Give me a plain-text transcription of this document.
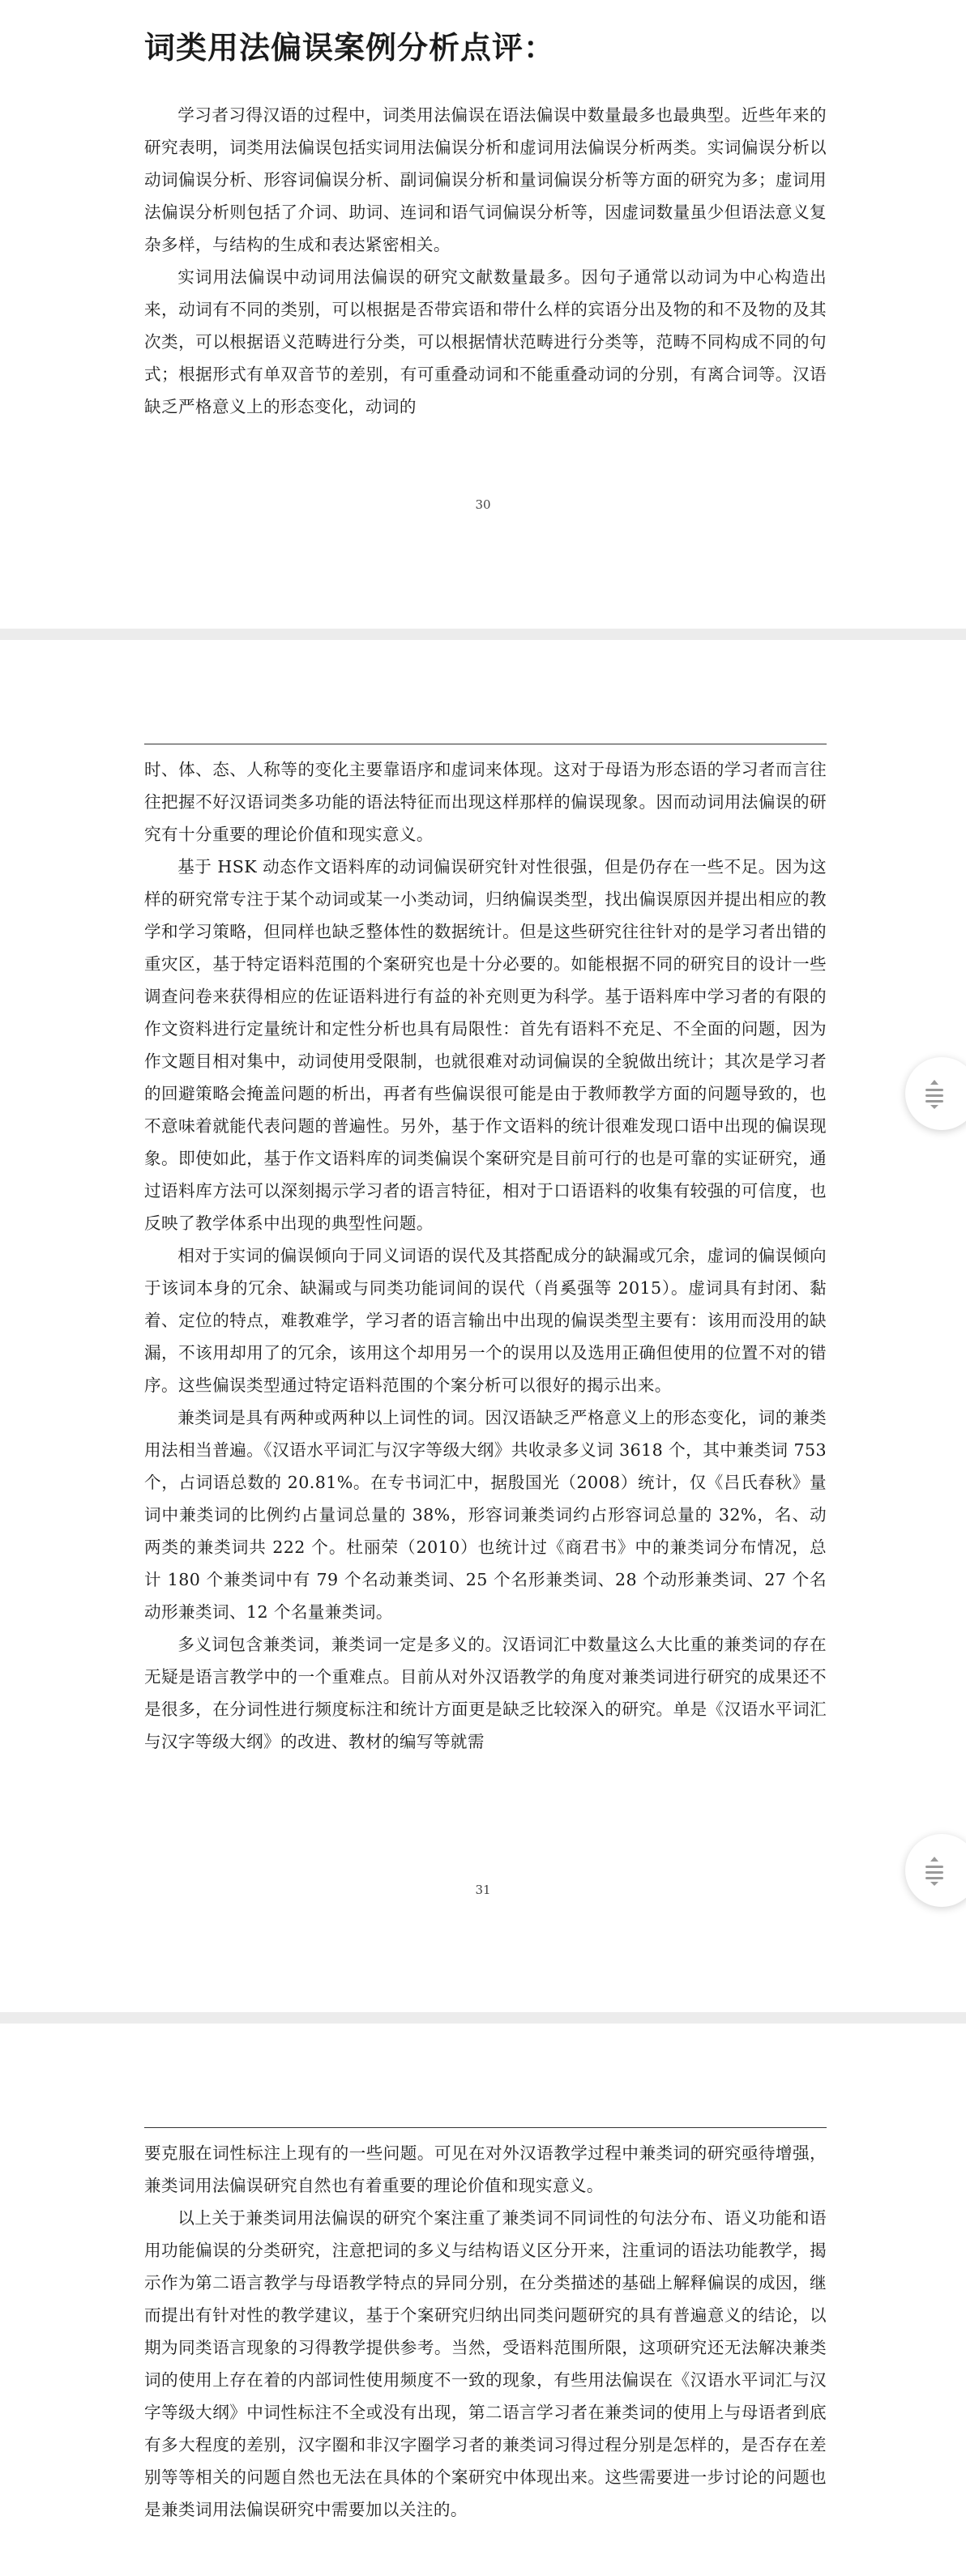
词类用法偏误案例分析点评：

学习者习得汉语的过程中，词类用法偏误在语法偏误中数量最多也最典型。近些年来的研究表明，词类用法偏误包括实词用法偏误分析和虚词用法偏误分析两类。实词偏误分析以动词偏误分析、形容词偏误分析、副词偏误分析和量词偏误分析等方面的研究为多；虚词用法偏误分析则包括了介词、助词、连词和语气词偏误分析等，因虚词数量虽少但语法意义复杂多样，与结构的生成和表达紧密相关。

实词用法偏误中动词用法偏误的研究文献数量最多。因句子通常以动词为中心构造出来，动词有不同的类别，可以根据是否带宾语和带什么样的宾语分出及物的和不及物的及其次类，可以根据语义范畴进行分类，可以根据情状范畴进行分类等，范畴不同构成不同的句式；根据形式有单双音节的差别，有可重叠动词和不能重叠动词的分别，有离合词等。汉语缺乏严格意义上的形态变化，动词的

30

时、体、态、人称等的变化主要靠语序和虚词来体现。这对于母语为形态语的学习者而言往往把握不好汉语词类多功能的语法特征而出现这样那样的偏误现象。因而动词用法偏误的研究有十分重要的理论价值和现实意义。

基于 HSK 动态作文语料库的动词偏误研究针对性很强，但是仍存在一些不足。因为这样的研究常专注于某个动词或某一小类动词，归纳偏误类型，找出偏误原因并提出相应的教学和学习策略，但同样也缺乏整体性的数据统计。但是这些研究往往针对的是学习者出错的重灾区，基于特定语料范围的个案研究也是十分必要的。如能根据不同的研究目的设计一些调查问卷来获得相应的佐证语料进行有益的补充则更为科学。基于语料库中学习者的有限的作文资料进行定量统计和定性分析也具有局限性：首先有语料不充足、不全面的问题，因为作文题目相对集中，动词使用受限制，也就很难对动词偏误的全貌做出统计；其次是学习者的回避策略会掩盖问题的析出，再者有些偏误很可能是由于教师教学方面的问题导致的，也不意味着就能代表问题的普遍性。另外，基于作文语料的统计很难发现口语中出现的偏误现象。即使如此，基于作文语料库的词类偏误个案研究是目前可行的也是可靠的实证研究，通过语料库方法可以深刻揭示学习者的语言特征，相对于口语语料的收集有较强的可信度，也反映了教学体系中出现的典型性问题。

相对于实词的偏误倾向于同义词语的误代及其搭配成分的缺漏或冗余，虚词的偏误倾向于该词本身的冗余、缺漏或与同类功能词间的误代（肖奚强等 2015）。虚词具有封闭、黏着、定位的特点，难教难学，学习者的语言输出中出现的偏误类型主要有：该用而没用的缺漏，不该用却用了的冗余，该用这个却用另一个的误用以及选用正确但使用的位置不对的错序。这些偏误类型通过特定语料范围的个案分析可以很好的揭示出来。

兼类词是具有两种或两种以上词性的词。因汉语缺乏严格意义上的形态变化，词的兼类用法相当普遍。《汉语水平词汇与汉字等级大纲》共收录多义词 3618 个，其中兼类词 753 个，占词语总数的 20.81%。在专书词汇中，据殷国光（2008）统计，仅《吕氏春秋》量词中兼类词的比例约占量词总量的 38%，形容词兼类词约占形容词总量的 32%，名、动两类的兼类词共 222 个。杜丽荣（2010）也统计过《商君书》中的兼类词分布情况，总计 180 个兼类词中有 79 个名动兼类词、25 个名形兼类词、28 个动形兼类词、27 个名动形兼类词、12 个名量兼类词。

多义词包含兼类词，兼类词一定是多义的。汉语词汇中数量这么大比重的兼类词的存在无疑是语言教学中的一个重难点。目前从对外汉语教学的角度对兼类词进行研究的成果还不是很多，在分词性进行频度标注和统计方面更是缺乏比较深入的研究。单是《汉语水平词汇与汉字等级大纲》的改进、教材的编写等就需

31

要克服在词性标注上现有的一些问题。可见在对外汉语教学过程中兼类词的研究亟待增强，兼类词用法偏误研究自然也有着重要的理论价值和现实意义。

以上关于兼类词用法偏误的研究个案注重了兼类词不同词性的句法分布、语义功能和语用功能偏误的分类研究，注意把词的多义与结构语义区分开来，注重词的语法功能教学，揭示作为第二语言教学与母语教学特点的异同分别，在分类描述的基础上解释偏误的成因，继而提出有针对性的教学建议，基于个案研究归纳出同类问题研究的具有普遍意义的结论，以期为同类语言现象的习得教学提供参考。当然，受语料范围所限，这项研究还无法解决兼类词的使用上存在着的内部词性使用频度不一致的现象，有些用法偏误在《汉语水平词汇与汉字等级大纲》中词性标注不全或没有出现，第二语言学习者在兼类词的使用上与母语者到底有多大程度的差别，汉字圈和非汉字圈学习者的兼类词习得过程分别是怎样的，是否存在差别等等相关的问题自然也无法在具体的个案研究中体现出来。这些需要进一步讨论的问题也是兼类词用法偏误研究中需要加以关注的。
